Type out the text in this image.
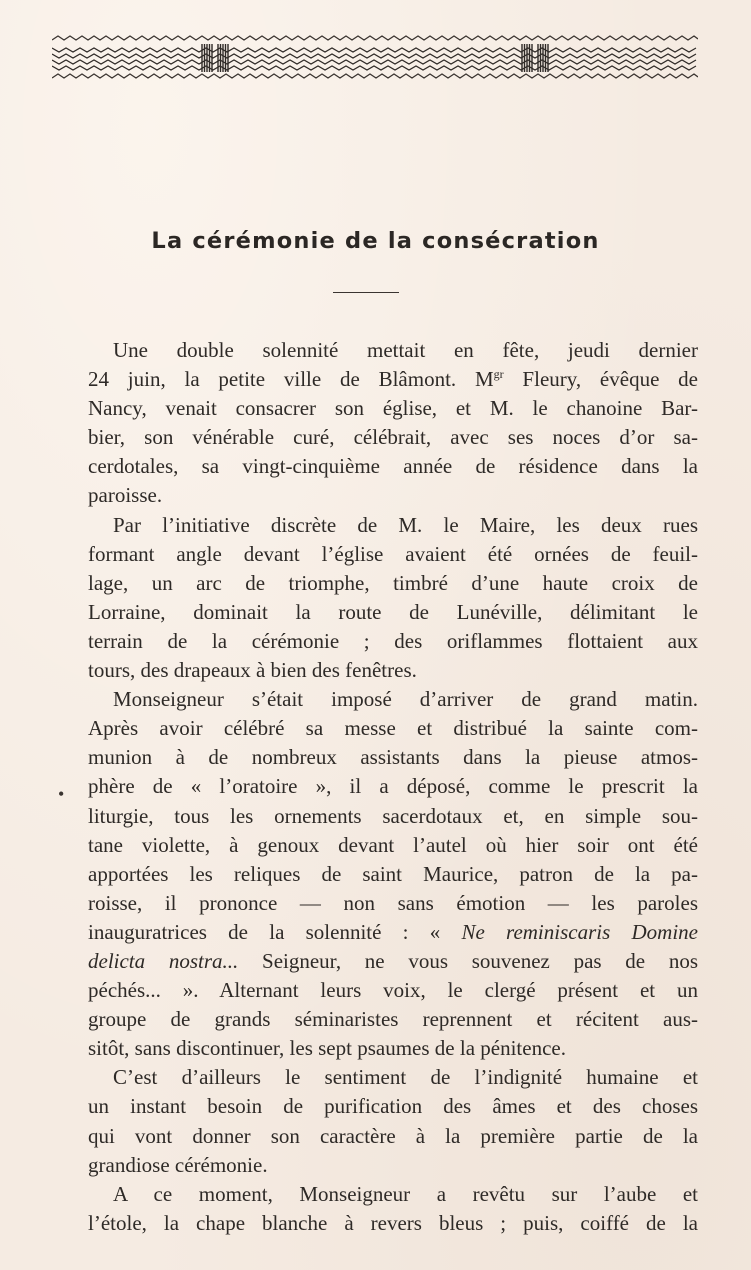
La cérémonie de la consécration
•
Une double solennité mettait en fête, jeudi dernier
24 juin, la petite ville de Blâmont. $M^{gr}$ Fleury, évêque de
Nancy, venait consacrer son église, et M. le chanoine Bar-
bier, son vénérable curé, célébrait, avec ses noces d’or sa-
cerdotales, sa vingt-cinquième année de résidence dans la
paroisse.
Par l’initiative discrète de M. le Maire, les deux rues
formant angle devant l’église avaient été ornées de feuil-
lage, un arc de triomphe, timbré d’une haute croix de
Lorraine, dominait la route de Lunéville, délimitant le
terrain de la cérémonie ; des oriflammes flottaient aux
tours, des drapeaux à bien des fenêtres.
Monseigneur s’était imposé d’arriver de grand matin.
Après avoir célébré sa messe et distribué la sainte com-
munion à de nombreux assistants dans la pieuse atmos-
phère de « l’oratoire », il a déposé, comme le prescrit la
liturgie, tous les ornements sacerdotaux et, en simple sou-
tane violette, à genoux devant l’autel où hier soir ont été
apportées les reliques de saint Maurice, patron de la pa-
roisse, il prononce — non sans émotion — les paroles
inauguratrices de la solennité : « Ne reminiscaris Domine
delicta nostra... Seigneur, ne vous souvenez pas de nos
péchés... ». Alternant leurs voix, le clergé présent et un
groupe de grands séminaristes reprennent et récitent aus-
sitôt, sans discontinuer, les sept psaumes de la pénitence.
C’est d’ailleurs le sentiment de l’indignité humaine et
un instant besoin de purification des âmes et des choses
qui vont donner son caractère à la première partie de la
grandiose cérémonie.
A ce moment, Monseigneur a revêtu sur l’aube et
l’étole, la chape blanche à revers bleus ; puis, coiffé de la
